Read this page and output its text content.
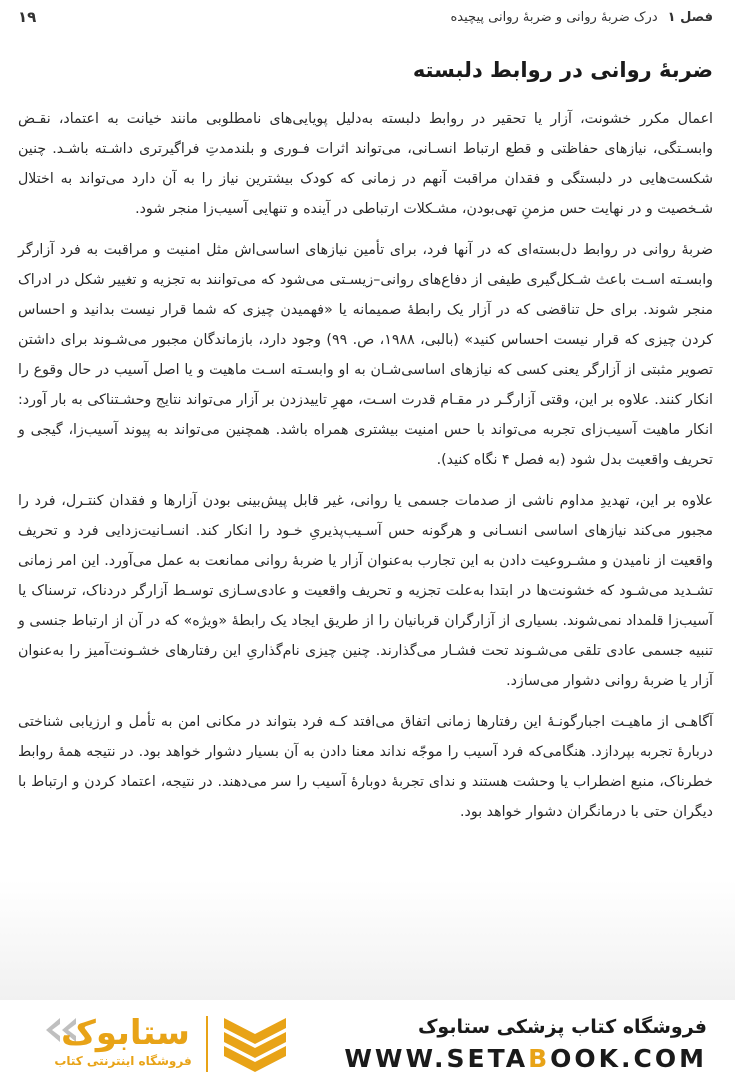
فصل ۱
درک ضربهٔ روانی و ضربهٔ روانی پیچیده
۱۹
ضربهٔ روانی در روابط دلبسته

اعمال مکرر خشونت، آزار یا تحقیر در روابط دلبسته به‌دلیل پویایی‌های نامطلوبی مانند خیانت به اعتماد، نقـض وابسـتگی، نیازهای حفاظتی و قطع ارتباط انسـانی، می‌تواند اثرات فـوری و بلندمدتِ فراگیرتری داشـته باشـد. چنین شکست‌هایی در دلبستگی و فقدان مراقبت آنهم در زمانی که کودک بیشترین نیاز را به آن دارد می‌تواند به اختلال شـخصیت و در نهایت حس مزمنِ تهی‌بودن، مشـکلات ارتباطی در آینده و تنهایی آسیب‌زا منجر شود.

ضربهٔ روانی در روابط دل‌بسته‌ای که در آنها فرد، برای تأمین نیازهای اساسی‌اش مثل امنیت و مراقبت به فرد آزارگر وابسـته اسـت باعث شـکل‌گیری طیفی از دفاع‌های روانی–زیسـتی می‌شود که می‌توانند به تجزیه و تغییر شکل در ادراک منجر شوند. برای حل تناقضی که در آزار یک رابطهٔ صمیمانه یا «فهمیدن چیزی که شما قرار نیست بدانید و احساس کردن چیزی که قرار نیست احساس کنید» (بالبی، ۱۹۸۸، ص. ۹۹) وجود دارد، بازماندگان مجبور می‌شـوند برای داشتن تصویر مثبتی از آزارگر یعنی کسی که نیازهای اساسی‌شـان به او وابسـته اسـت ماهیت و یا اصل آسیب در حال وقوع را انکار کنند. علاوه بر این، وقتی آزارگـر در مقـام قدرت اسـت، مهرِ تاییدزدن بر آزار می‌تواند نتایج وحشـتناکی به بار آورد: انکار ماهیت آسیب‌زای تجربه می‌تواند با حس امنیت بیشتری همراه باشد. همچنین می‌تواند به پیوند آسیب‌زا، گیجی و تحریف واقعیت بدل شود (به فصل ۴ نگاه کنید).

علاوه بر این، تهدیدِ مداوم ناشی از صدمات جسمی یا روانی، غیر قابل پیش‌بینی بودن آزارها و فقدان کنتـرل، فرد را مجبور می‌کند نیازهای اساسی انسـانی و هرگونه حس آسـیب‌پذیریِ خـود را انکار کند. انسـانیت‌زدایی فرد و تحریف واقعیت از نامیدن و مشـروعیت دادن به این تجارب به‌عنوان آزار یا ضربهٔ روانی ممانعت به عمل می‌آورد. این امر زمانی تشـدید می‌شـود که خشونت‌ها در ابتدا به‌علت تجزیه و تحریف واقعیت و عادی‌سـازی توسـط آزارگر دردناک، ترسناک یا آسیب‌زا قلمداد نمی‌شوند. بسیاری از آزارگران قربانیان را از طریق ایجاد یک رابطهٔ «ویژه» که در آن از ارتباط جنسی و تنبیه جسمی عادی تلقی می‌شـوند تحت فشـار می‌گذارند. چنین چیزی نام‌گذاریِ این رفتارهای خشـونت‌آمیز را به‌عنوان آزار یا ضربهٔ روانی دشوار می‌سازد.

آگاهـی از ماهیـت اجبارگونـهٔ این رفتارها زمانی اتفاق می‌افتد کـه فرد بتواند در مکانی امن به تأمل و ارزیابی شناختی دربارهٔ تجربه بپردازد. هنگامی‌که فرد آسیب را موجّه نداند معنا دادن به آن بسیار دشوار خواهد بود. در نتیجه همهٔ روابط خطرناک، منبع اضطراب یا وحشت هستند و ندای تجربهٔ دوبارهٔ آسیب را سر می‌دهند. در نتیجه، اعتماد کردن و ارتباط با دیگران حتی با درمانگران دشوار خواهد بود.

فروشگاه کتاب پزشکی ستابوک
WWW.SETABOOK.COM
ستابوک
فروشگاه اینترنتی کتاب
